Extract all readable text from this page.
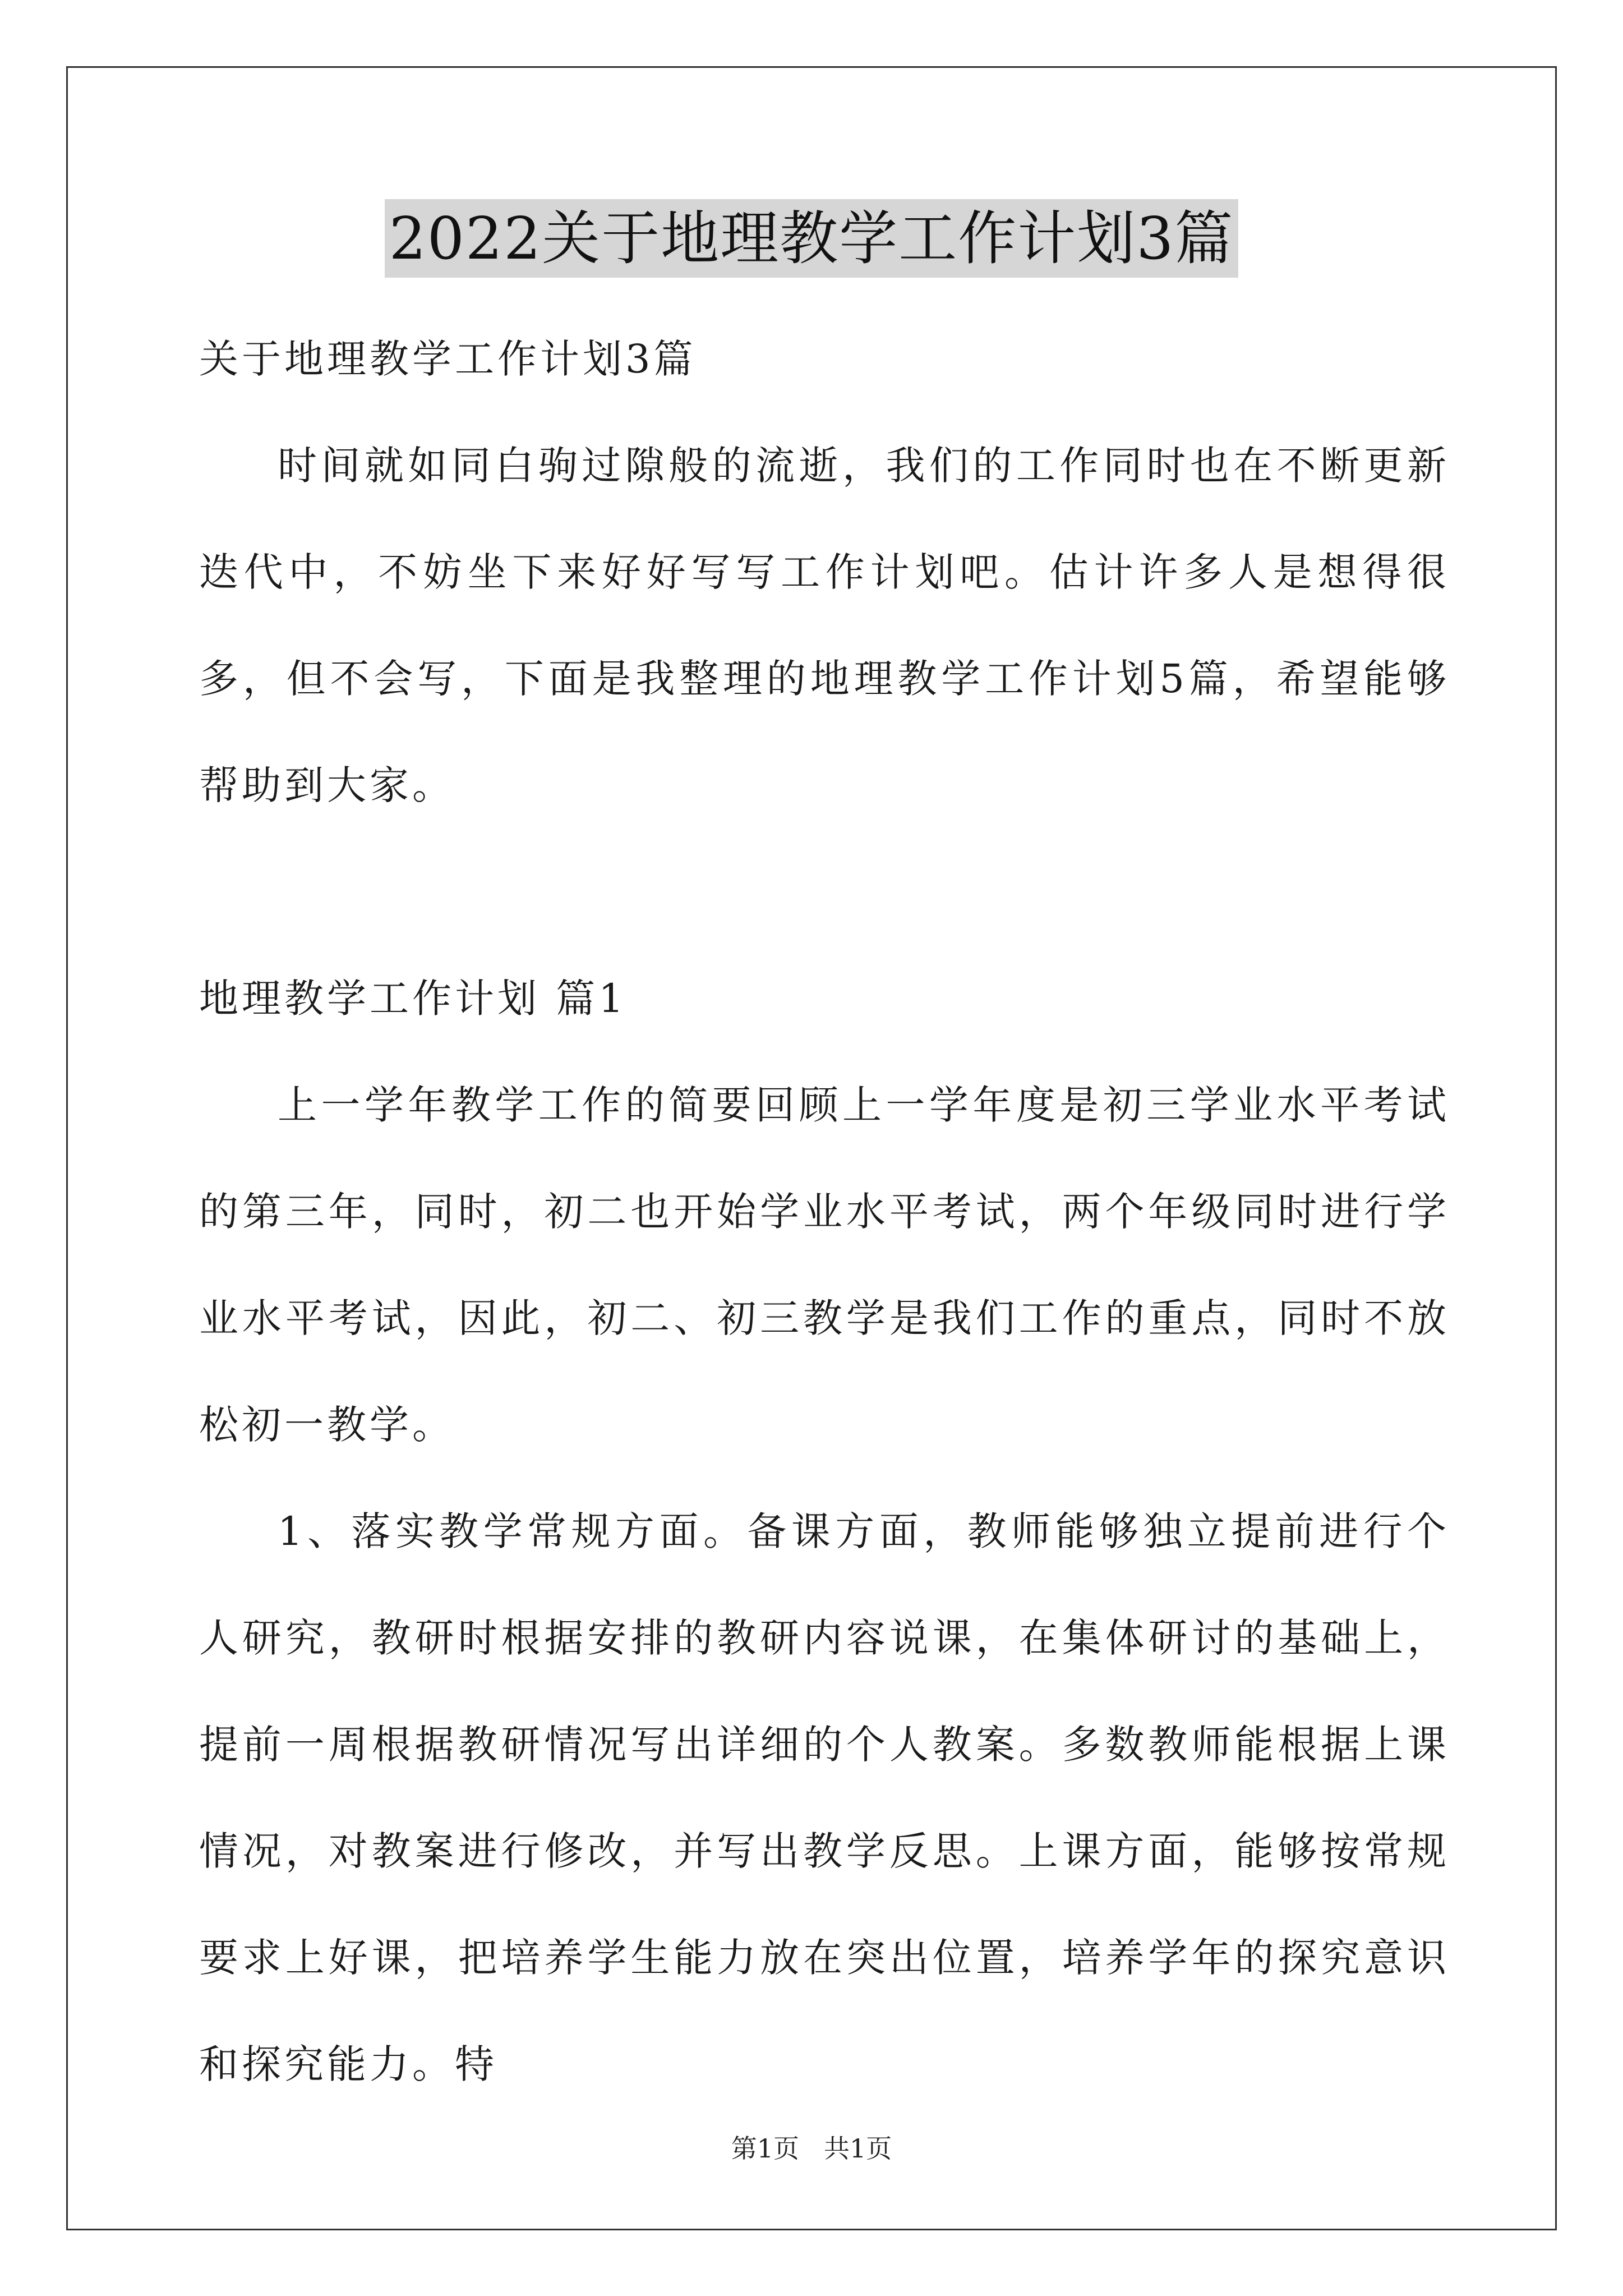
2022关于地理教学工作计划3篇

关于地理教学工作计划3篇

时间就如同白驹过隙般的流逝，我们的工作同时也在不断更新迭代中，不妨坐下来好好写写工作计划吧。估计许多人是想得很多，但不会写，下面是我整理的地理教学工作计划5篇，希望能够帮助到大家。

地理教学工作计划 篇1

上一学年教学工作的简要回顾上一学年度是初三学业水平考试的第三年，同时，初二也开始学业水平考试，两个年级同时进行学业水平考试，因此，初二、初三教学是我们工作的重点，同时不放松初一教学。

1、落实教学常规方面。备课方面，教师能够独立提前进行个人研究，教研时根据安排的教研内容说课，在集体研讨的基础上，提前一周根据教研情况写出详细的个人教案。多数教师能根据上课情况，对教案进行修改，并写出教学反思。上课方面，能够按常规要求上好课，把培养学生能力放在突出位置，培养学年的探究意识和探究能力。特

第1页 共1页
